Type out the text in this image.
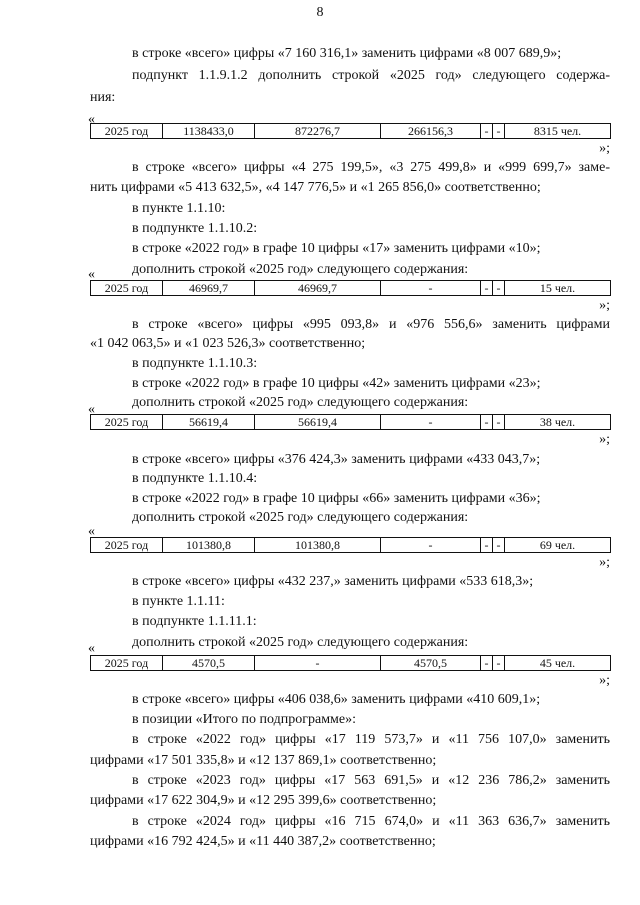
8
в строке «всего» цифры «7 160 316,1» заменить цифрами «8 007 689,9»;
подпункт 1.1.9.1.2 дополнить строкой «2025 год» следующего содержа-
ния:
«
2025 год	1138433,0	872276,7	266156,3	-	-	8315 чел.
»;
в строке «всего» цифры «4 275 199,5», «3 275 499,8» и «999 699,7» заме-
нить цифрами «5 413 632,5», «4 147 776,5» и «1 265 856,0» соответственно;
в пункте 1.1.10:
в подпункте 1.1.10.2:
в строке «2022 год» в графе 10 цифры «17» заменить цифрами «10»;
дополнить строкой «2025 год» следующего содержания:
«
2025 год	46969,7	46969,7	-	-	-	15 чел.
»;
в строке «всего» цифры «995 093,8» и «976 556,6» заменить цифрами
«1 042 063,5» и «1 023 526,3» соответственно;
в подпункте 1.1.10.3:
в строке «2022 год» в графе 10 цифры «42» заменить цифрами «23»;
дополнить строкой «2025 год» следующего содержания:
«
2025 год	56619,4	56619,4	-	-	-	38 чел.
»;
в строке «всего» цифры «376 424,3» заменить цифрами «433 043,7»;
в подпункте 1.1.10.4:
в строке «2022 год» в графе 10 цифры «66» заменить цифрами «36»;
дополнить строкой «2025 год» следующего содержания:
«
2025 год	101380,8	101380,8	-	-	-	69 чел.
»;
в строке «всего» цифры «432 237,» заменить цифрами «533 618,3»;
в пункте 1.1.11:
в подпункте 1.1.11.1:
дополнить строкой «2025 год» следующего содержания:
«
2025 год	4570,5	-	4570,5	-	-	45 чел.
»;
в строке «всего» цифры «406 038,6» заменить цифрами «410 609,1»;
в позиции «Итого по подпрограмме»:
в строке «2022 год» цифры «17 119 573,7» и «11 756 107,0» заменить
цифрами «17 501 335,8» и «12 137 869,1» соответственно;
в строке «2023 год» цифры «17 563 691,5» и «12 236 786,2» заменить
цифрами «17 622 304,9» и «12 295 399,6» соответственно;
в строке «2024 год» цифры «16 715 674,0» и «11 363 636,7» заменить
цифрами «16 792 424,5» и «11 440 387,2» соответственно;
